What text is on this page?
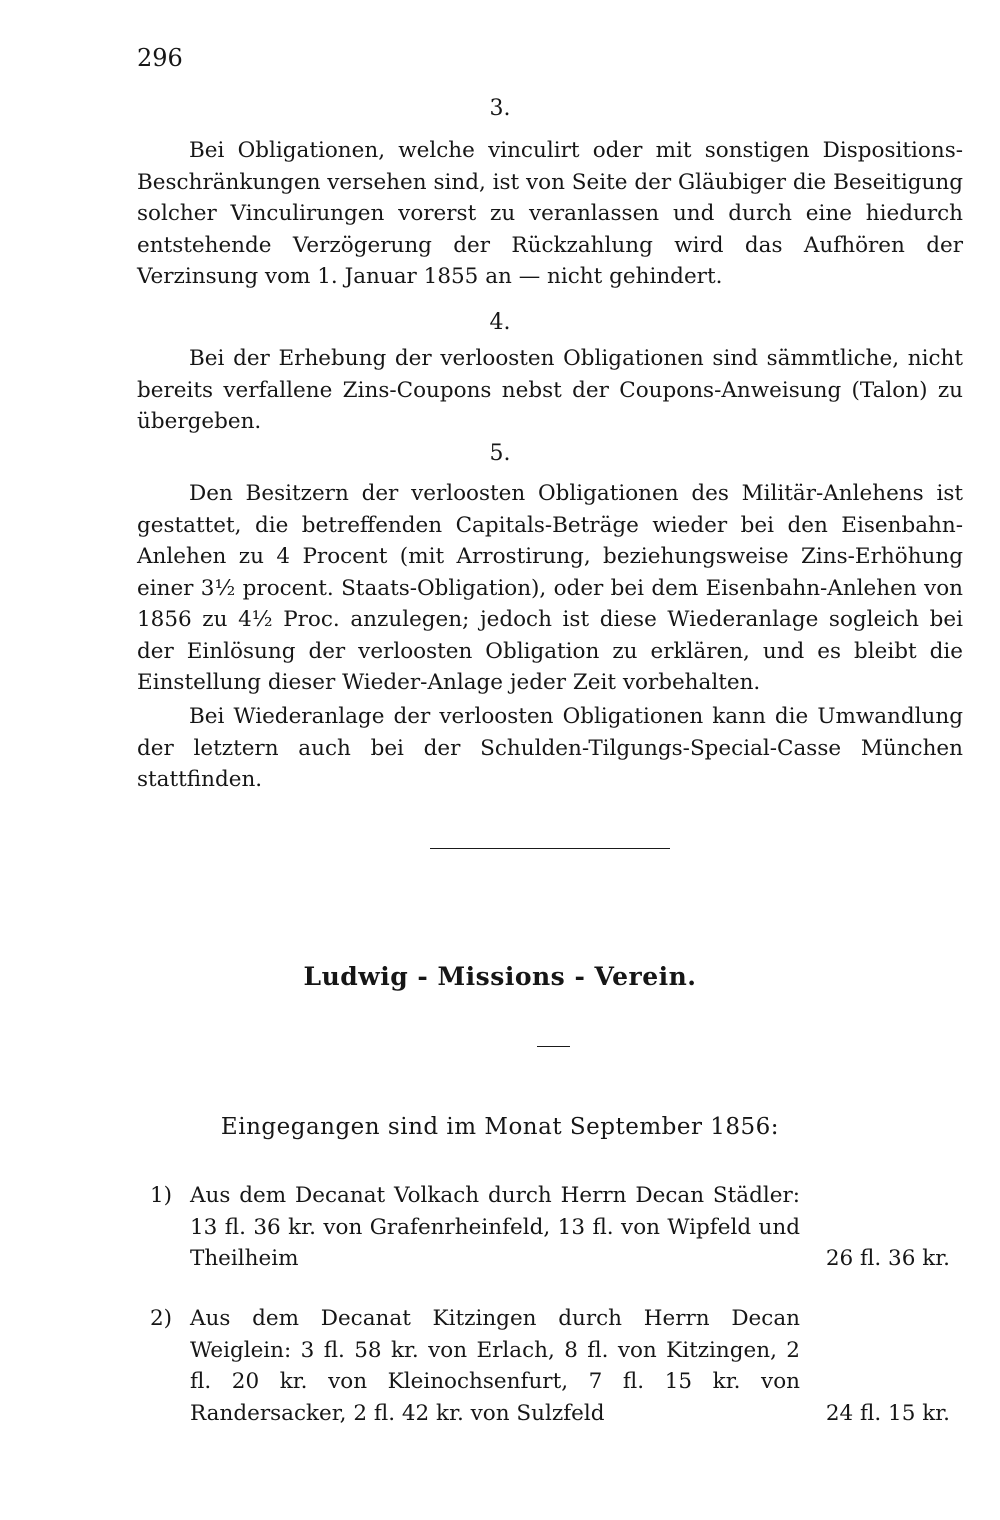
296
3.

Bei Obligationen, welche vinculirt oder mit sonstigen Dispositions-Beschränkungen versehen sind, ist von Seite der Gläubiger die Beseitigung solcher Vinculirungen vorerst zu veranlassen und durch eine hiedurch entstehende Verzögerung der Rückzahlung wird das Aufhören der Verzinsung vom 1. Januar 1855 an — nicht gehindert.

4.

Bei der Erhebung der verloosten Obligationen sind sämmtliche, nicht bereits verfallene Zins-Coupons nebst der Coupons-Anweisung (Talon) zu übergeben.

5.

Den Besitzern der verloosten Obligationen des Militär-Anlehens ist gestattet, die betreffenden Capitals-Beträge wieder bei den Eisenbahn-Anlehen zu 4 Procent (mit Arrostirung, beziehungsweise Zins-Erhöhung einer 3½ procent. Staats-Obligation), oder bei dem Eisenbahn-Anlehen von 1856 zu 4½ Proc. anzulegen; jedoch ist diese Wiederanlage sogleich bei der Einlösung der verloosten Obligation zu erklären, und es bleibt die Einstellung dieser Wieder-Anlage jeder Zeit vorbehalten.

Bei Wiederanlage der verloosten Obligationen kann die Umwandlung der letztern auch bei der Schulden-Tilgungs-Special-Casse München stattfinden.

Ludwig - Missions - Verein.
Eingegangen sind im Monat September 1856:
1) Aus dem Decanat Volkach durch Herrn Decan Städler: 13 fl. 36 kr. von Grafenrheinfeld, 13 fl. von Wipfeld und Theilheim	26 fl. 36 kr.
2) Aus dem Decanat Kitzingen durch Herrn Decan Weiglein: 3 fl. 58 kr. von Erlach, 8 fl. von Kitzingen, 2 fl. 20 kr. von Kleinochsenfurt, 7 fl. 15 kr. von Randersacker, 2 fl. 42 kr. von Sulzfeld	24 fl. 15 kr.
